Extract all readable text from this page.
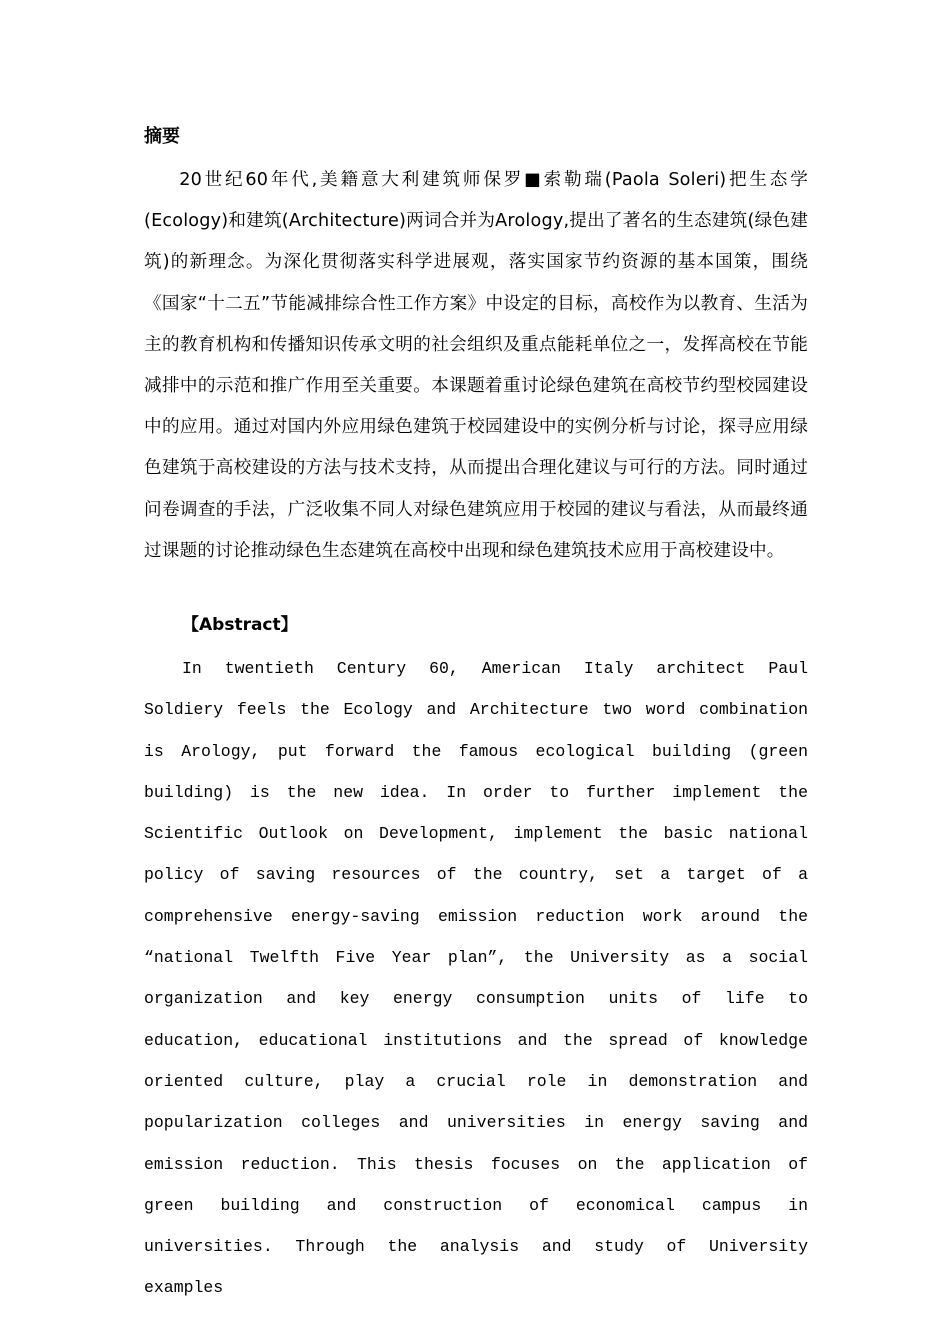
摘要

20世纪60年代,美籍意大利建筑师保罗■索勒瑞(Paola Soleri)把生态学(Ecology)和建筑(Architecture)两词合并为Arology,提出了著名的生态建筑(绿色建筑)的新理念。为深化贯彻落实科学进展观，落实国家节约资源的基本国策，围绕《国家“十二五”节能减排综合性工作方案》中设定的目标，高校作为以教育、生活为主的教育机构和传播知识传承文明的社会组织及重点能耗单位之一，发挥高校在节能减排中的示范和推广作用至关重要。本课题着重讨论绿色建筑在高校节约型校园建设中的应用。通过对国内外应用绿色建筑于校园建设中的实例分析与讨论，探寻应用绿色建筑于高校建设的方法与技术支持，从而提出合理化建议与可行的方法。同时通过问卷调查的手法，广泛收集不同人对绿色建筑应用于校园的建议与看法，从而最终通过课题的讨论推动绿色生态建筑在高校中出现和绿色建筑技术应用于高校建设中。

【Abstract】

In twentieth Century 60, American Italy architect Paul Soldiery feels the Ecology and Architecture two word combination is Arology, put forward the famous ecological building (green building) is the new idea. In order to further implement the Scientific Outlook on Development, implement the basic national policy of saving resources of the country, set a target of a comprehensive energy-saving emission reduction work around the “national Twelfth Five Year plan”, the University as a social organization and key energy consumption units of life to education, educational institutions and the spread of knowledge oriented culture, play a crucial role in demonstration and popularization colleges and universities in energy saving and emission reduction. This thesis focuses on the application of green building and construction of economical campus in universities. Through the analysis and study of University examples
